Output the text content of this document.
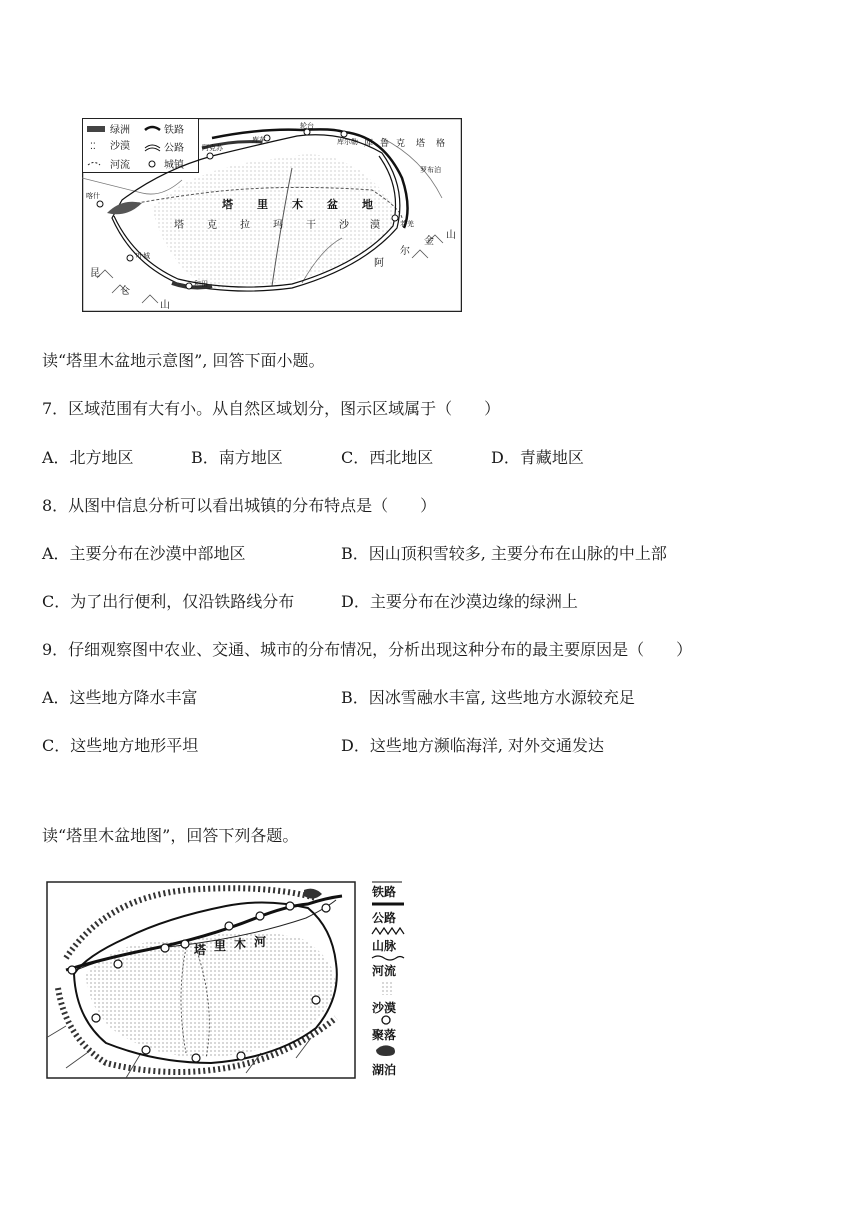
绿洲	铁路
⁚⁚ 沙漠	公路
河流	城镇
库尔勒
轮台
库车
阿克苏
喀什
叶城
和田
若羌
罗布泊
库 鲁 克 塔 格
塔 里 木 盆 地
塔 克 拉 玛 干 沙 漠
昆
仑
山
阿
尔
金
山
读“塔里木盆地示意图”, 回答下面小题。
7．区域范围有大有小。从自然区域划分，图示区域属于（　　）
A．北方地区	B．南方地区	C．西北地区	D．青藏地区
8．从图中信息分析可以看出城镇的分布特点是（　　）
A．主要分布在沙漠中部地区	B．因山顶积雪较多, 主要分布在山脉的中上部
C．为了出行便利，仅沿铁路线分布	D．主要分布在沙漠边缘的绿洲上
9．仔细观察图中农业、交通、城市的分布情况，分析出现这种分布的最主要原因是（　　）
A．这些地方降水丰富	B．因冰雪融水丰富, 这些地方水源较充足
C．这些地方地形平坦	D．这些地方濒临海洋, 对外交通发达
读“塔里木盆地图”，回答下列各题。
塔 里 木 河
铁路
公路
山脉
河流
沙漠
聚落
湖泊
